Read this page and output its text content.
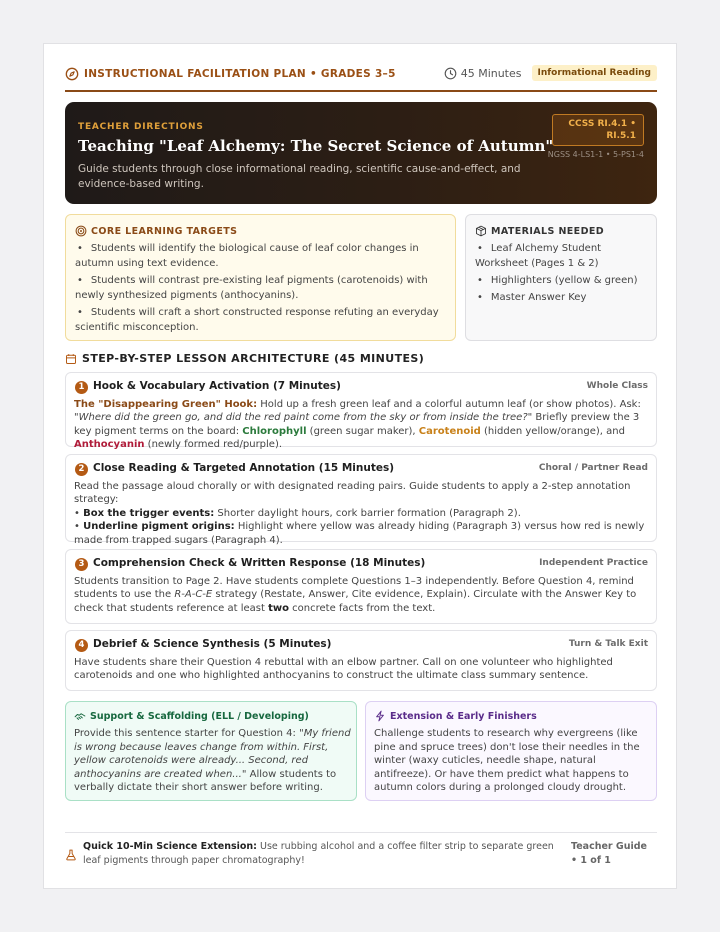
INSTRUCTIONAL FACILITATION PLAN • GRADES 3–5	45 Minutes	Informational Reading
TEACHER DIRECTIONS
Teaching "Leaf Alchemy: The Secret Science of Autumn"
Guide students through close informational reading, scientific cause-and-effect, and evidence-based writing.
CCSS RI.4.1 • RI.5.1
NGSS 4-LS1-1 • 5-PS1-4
CORE LEARNING TARGETS
• Students will identify the biological cause of leaf color changes in autumn using text evidence.
• Students will contrast pre-existing leaf pigments (carotenoids) with newly synthesized pigments (anthocyanins).
• Students will craft a short constructed response refuting an everyday scientific misconception.
MATERIALS NEEDED
• Leaf Alchemy Student Worksheet (Pages 1 & 2)
• Highlighters (yellow & green)
• Master Answer Key
STEP-BY-STEP LESSON ARCHITECTURE (45 MINUTES)
1 Hook & Vocabulary Activation (7 Minutes)	Whole Class
The "Disappearing Green" Hook: Hold up a fresh green leaf and a colorful autumn leaf (or show photos). Ask: "Where did the green go, and did the red paint come from the sky or from inside the tree?" Briefly preview the 3 key pigment terms on the board: Chlorophyll (green sugar maker), Carotenoid (hidden yellow/orange), and Anthocyanin (newly formed red/purple).
2 Close Reading & Targeted Annotation (15 Minutes)	Choral / Partner Read
Read the passage aloud chorally or with designated reading pairs. Guide students to apply a 2-step annotation strategy:
• Box the trigger events: Shorter daylight hours, cork barrier formation (Paragraph 2).
• Underline pigment origins: Highlight where yellow was already hiding (Paragraph 3) versus how red is newly made from trapped sugars (Paragraph 4).
3 Comprehension Check & Written Response (18 Minutes)	Independent Practice
Students transition to Page 2. Have students complete Questions 1–3 independently. Before Question 4, remind students to use the R-A-C-E strategy (Restate, Answer, Cite evidence, Explain). Circulate with the Answer Key to check that students reference at least two concrete facts from the text.
4 Debrief & Science Synthesis (5 Minutes)	Turn & Talk Exit
Have students share their Question 4 rebuttal with an elbow partner. Call on one volunteer who highlighted carotenoids and one who highlighted anthocyanins to construct the ultimate class summary sentence.
Support & Scaffolding (ELL / Developing)
Provide this sentence starter for Question 4: "My friend is wrong because leaves change from within. First, yellow carotenoids were already... Second, red anthocyanins are created when..." Allow students to verbally dictate their short answer before writing.
Extension & Early Finishers
Challenge students to research why evergreens (like pine and spruce trees) don't lose their needles in the winter (waxy cuticles, needle shape, natural antifreeze). Or have them predict what happens to autumn colors during a prolonged cloudy drought.
Quick 10-Min Science Extension: Use rubbing alcohol and a coffee filter strip to separate green leaf pigments through paper chromatography!
Teacher Guide • 1 of 1
